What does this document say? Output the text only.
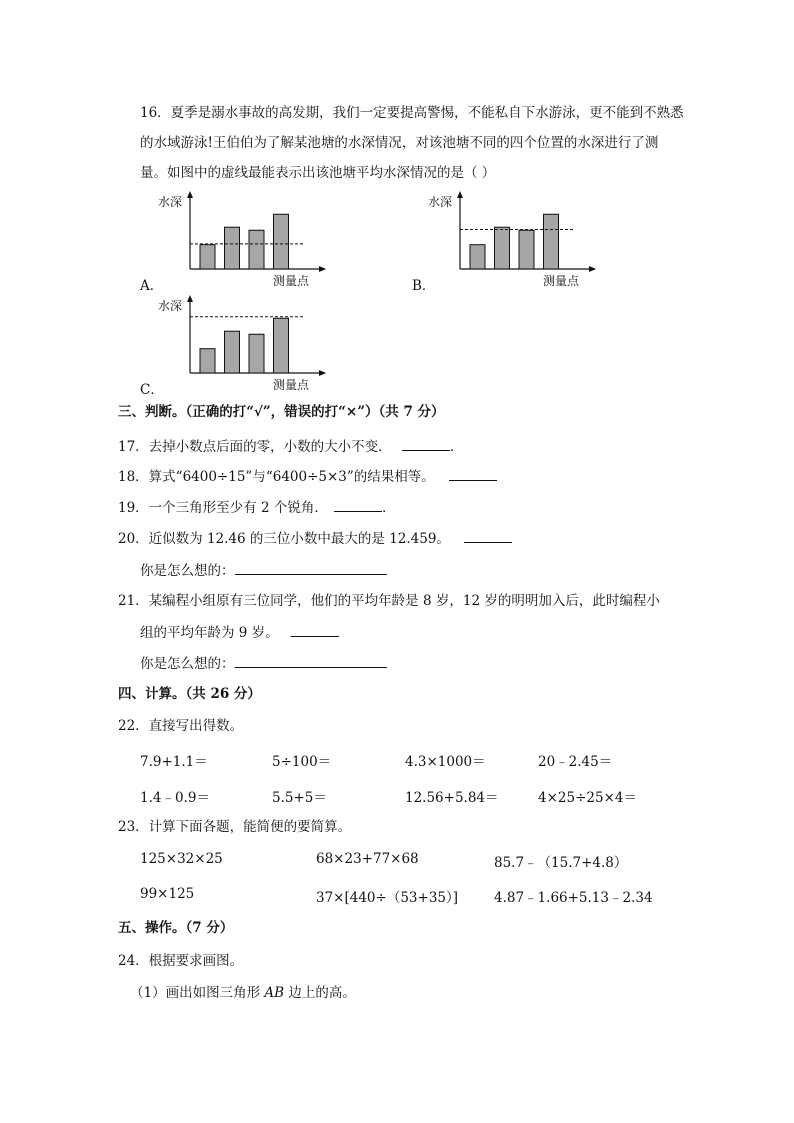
16．夏季是溺水事故的高发期，我们一定要提高警惕，不能私自下水游泳，更不能到不熟悉
的水域游泳!王伯伯为了解某池塘的水深情况，对该池塘不同的四个位置的水深进行了测
量。如图中的虚线最能表示出该池塘平均水深情况的是（ ）
水深
测量点
A．
水深
测量点
B．
水深
测量点
C．
三、判断。（正确的打“√”，错误的打“×”）（共 7 分）
17．去掉小数点后面的零，小数的大小不变．	．
18．算式“6400÷15”与“6400÷5×3”的结果相等。
19．一个三角形至少有 2 个锐角．	．
20．近似数为 12.46 的三位小数中最大的是 12.459。
你是怎么想的：
21．某编程小组原有三位同学，他们的平均年龄是 8 岁，12 岁的明明加入后，此时编程小
组的平均年龄为 9 岁。
你是怎么想的：
四、计算。（共 26 分）
22．直接写出得数。
7.9+1.1＝	5÷100＝	4.3×1000＝	20﹣2.45＝
1.4﹣0.9＝	5.5+5＝	12.56+5.84＝	4×25÷25×4＝
23．计算下面各题，能简便的要简算。
125×32×25	68×23+77×68	85.7﹣（15.7+4.8）
99×125	37×[440÷（53+35）]	4.87﹣1.66+5.13﹣2.34
五、操作。（7 分）
24．根据要求画图。
（1）画出如图三角形 AB 边上的高。
